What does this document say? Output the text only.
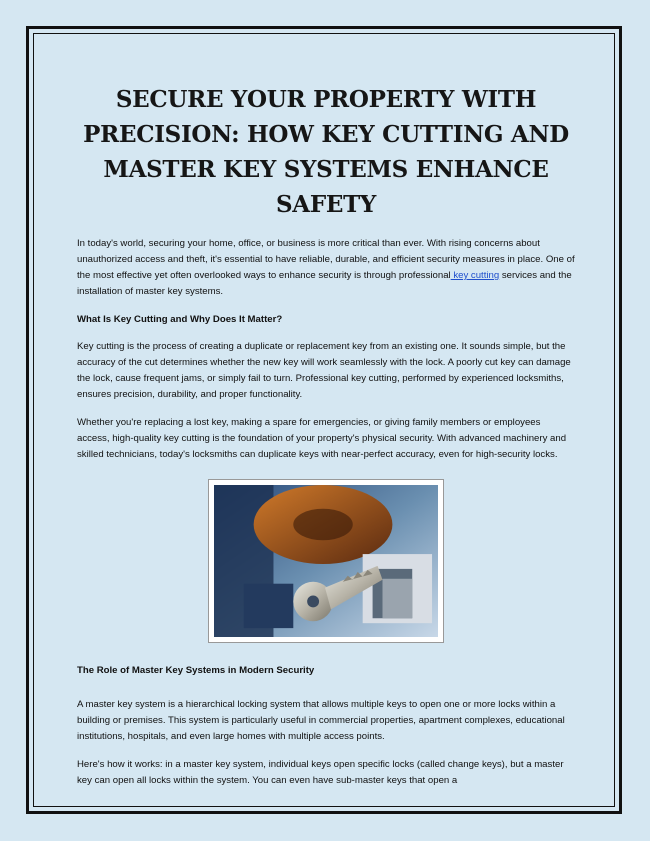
SECURE YOUR PROPERTY WITH PRECISION: HOW KEY CUTTING AND MASTER KEY SYSTEMS ENHANCE SAFETY

In today's world, securing your home, office, or business is more critical than ever. With rising concerns about unauthorized access and theft, it's essential to have reliable, durable, and efficient security measures in place. One of the most effective yet often overlooked ways to enhance security is through professional key cutting services and the installation of master key systems.

What Is Key Cutting and Why Does It Matter?

Key cutting is the process of creating a duplicate or replacement key from an existing one. It sounds simple, but the accuracy of the cut determines whether the new key will work seamlessly with the lock. A poorly cut key can damage the lock, cause frequent jams, or simply fail to turn. Professional key cutting, performed by experienced locksmiths, ensures precision, durability, and proper functionality.

Whether you're replacing a lost key, making a spare for emergencies, or giving family members or employees access, high-quality key cutting is the foundation of your property's physical security. With advanced machinery and skilled technicians, today's locksmiths can duplicate keys with near-perfect accuracy, even for high-security locks.

The Role of Master Key Systems in Modern Security

A master key system is a hierarchical locking system that allows multiple keys to open one or more locks within a building or premises. This system is particularly useful in commercial properties, apartment complexes, educational institutions, hospitals, and even large homes with multiple access points.

Here's how it works: in a master key system, individual keys open specific locks (called change keys), but a master key can open all locks within the system. You can even have sub-master keys that open a
